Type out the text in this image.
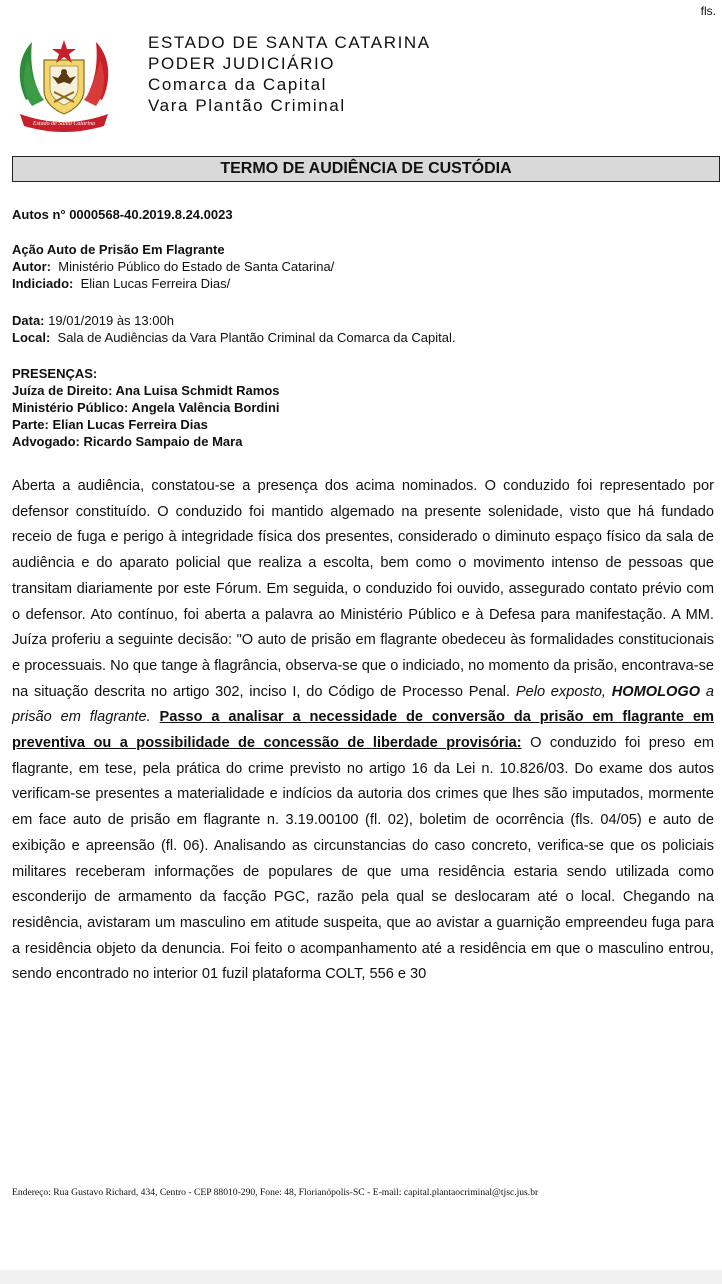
fls.
Estado de Santa Catarina
ESTADO DE SANTA CATARINA
PODER JUDICIÁRIO
Comarca da Capital
Vara Plantão Criminal
TERMO DE AUDIÊNCIA DE CUSTÓDIA
Autos n° 0000568-40.2019.8.24.0023
Ação Auto de Prisão Em Flagrante
Autor: Ministério Público do Estado de Santa Catarina/
Indiciado: Elian Lucas Ferreira Dias/
Data: 19/01/2019 às 13:00h
Local: Sala de Audiências da Vara Plantão Criminal da Comarca da Capital.
PRESENÇAS:
Juíza de Direito: Ana Luisa Schmidt Ramos
Ministério Público: Angela Valência Bordini
Parte: Elian Lucas Ferreira Dias
Advogado: Ricardo Sampaio de Mara
Aberta a audiência, constatou-se a presença dos acima nominados. O conduzido foi representado por defensor constituído. O conduzido foi mantido algemado na presente solenidade, visto que há fundado receio de fuga e perigo à integridade física dos presentes, considerado o diminuto espaço físico da sala de audiência e do aparato policial que realiza a escolta, bem como o movimento intenso de pessoas que transitam diariamente por este Fórum. Em seguida, o conduzido foi ouvido, assegurado contato prévio com o defensor. Ato contínuo, foi aberta a palavra ao Ministério Público e à Defesa para manifestação. A MM. Juíza proferiu a seguinte decisão: "O auto de prisão em flagrante obedeceu às formalidades constitucionais e processuais. No que tange à flagrância, observa-se que o indiciado, no momento da prisão, encontrava-se na situação descrita no artigo 302, inciso I, do Código de Processo Penal. Pelo exposto, HOMOLOGO a prisão em flagrante. Passo a analisar a necessidade de conversão da prisão em flagrante em preventiva ou a possibilidade de concessão de liberdade provisória: O conduzido foi preso em flagrante, em tese, pela prática do crime previsto no artigo 16 da Lei n. 10.826/03. Do exame dos autos verificam-se presentes a materialidade e indícios da autoria dos crimes que lhes são imputados, mormente em face auto de prisão em flagrante n. 3.19.00100 (fl. 02), boletim de ocorrência (fls. 04/05) e auto de exibição e apreensão (fl. 06). Analisando as circunstancias do caso concreto, verifica-se que os policiais militares receberam informações de populares de que uma residência estaria sendo utilizada como esconderijo de armamento da facção PGC, razão pela qual se deslocaram até o local. Chegando na residência, avistaram um masculino em atitude suspeita, que ao avistar a guarnição empreendeu fuga para a residência objeto da denuncia. Foi feito o acompanhamento até a residência em que o masculino entrou, sendo encontrado no interior 01 fuzil plataforma COLT, 556 e 30
Endereço: Rua Gustavo Richard, 434, Centro - CEP 88010-290, Fone: 48, Florianópolis-SC - E-mail: capital.plantaocriminal@tjsc.jus.br
